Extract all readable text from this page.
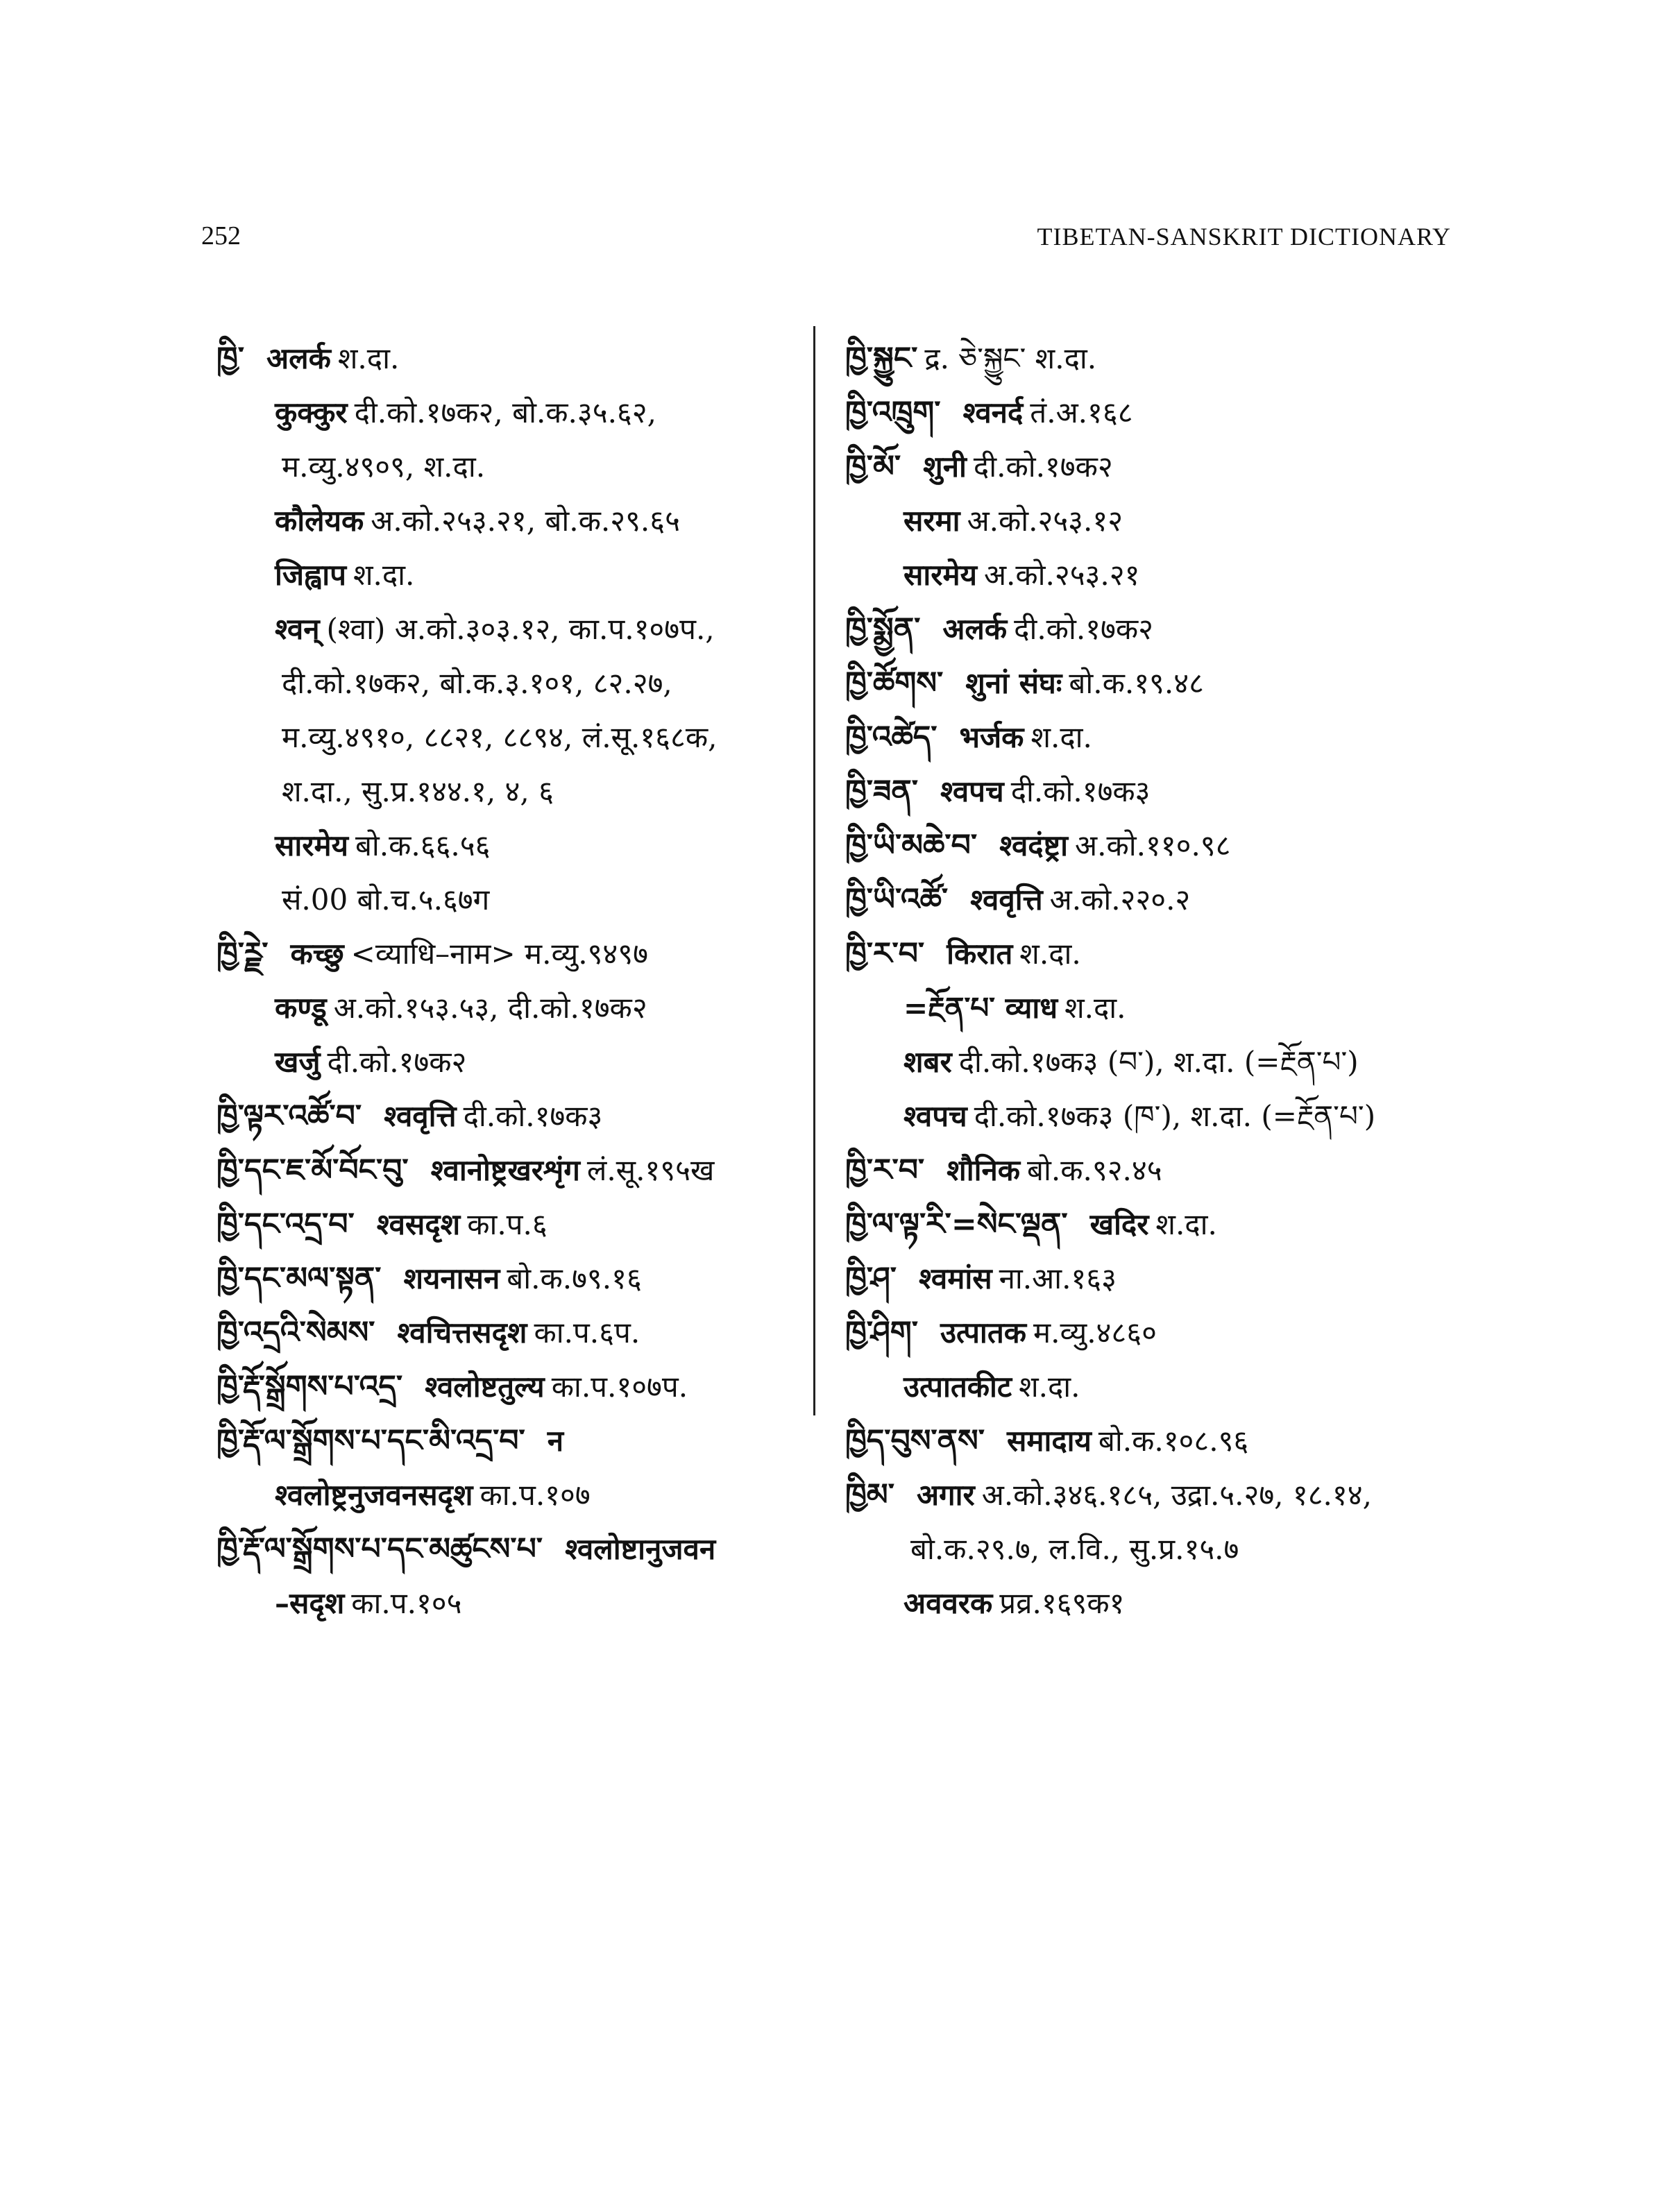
252	TIBETAN-SANSKRIT DICTIONARY
ཁྱི་ अलर्क श.दा.
कुक्कुर दी.को.१७क२, बो.क.३५.६२,
म.व्यु.४९०९, श.दा.
कौलेयक अ.को.२५३.२१, बो.क.२९.६५
जिह्वाप श.दा.
श्वन् (श्वा) अ.को.३०३.१२, का.प.१०७प.,
दी.को.१७क२, बो.क.३.१०१, ८२.२७,
म.व्यु.४९१०, ८८२१, ८८९४, लं.सू.१६८क,
श.दा., सु.प्र.१४४.१, ४, ६
सारमेय बो.क.६६.५६
सं.00 बो.च.५.६७ग
ཁྱི་ཪྗེ་ कच्छु <व्याधि–नाम> म.व्यु.९४९७
कण्डू अ.को.१५३.५३, दी.को.१७क२
खर्जु दी.को.१७क२
ཁྱི་ལྟར་འཚོ་བ་ श्ववृत्ति दी.को.१७क३
ཁྱི་དང་ཇ་མོ་བོང་བུ་ श्वानोष्ट्रखरशृंग लं.सू.१९५ख
ཁྱི་དང་འདྲ་བ་ श्वसदृश का.प.६
ཁྱི་དང་མལ་སྟན་ शयनासन बो.क.७९.१६
ཁྱི་འདྲའི་སེམས་ श्वचित्तसदृश का.प.६प.
ཁྱི་རྡོ་སྒྲོགས་པ་འདྲ་ श्वलोष्टतुल्य का.प.१०७प.
ཁྱི་རྡོ་ལ་སྒྲོགས་པ་དང་མི་འདྲ་བ་ न
श्वलोष्ट्रनुजवनसदृश का.प.१०७
ཁྱི་རྡོ་ལ་སྒྲོགས་པ་དང་མཚུངས་པ་ श्वलोष्टानुजवन
–सदृश का.प.१०५
ཁྱི་སྐྱུང་ द्र. ཅེ་སྐྱུང་ श.दा.
ཁྱི་འཁྲུག་ श्वनर्द तं.अ.१६८
ཁྱི་མོ་ शुनी दी.को.१७क२
सरमा अ.को.२५३.१२
सारमेय अ.को.२५३.२१
ཁྱི་སྨྱོན་ अलर्क दी.को.१७क२
ཁྱི་ཚོགས་ शुनां संघः बो.क.१९.४८
ཁྱི་འཚེད་ भर्जक श.दा.
ཁྱི་ཟན་ श्वपच दी.को.१७क३
ཁྱི་ཡི་མཆེ་བ་ श्वदंष्ट्रा अ.को.११०.९८
ཁྱི་ཡི་འཚོ་ श्ववृत्ति अ.को.२२०.२
ཁྱི་ར་བ་ किरात श.दा.
=རྔོན་པ་ व्याध श.दा.
शबर दी.को.१७क३ (བ་), श.दा. (=རྔོན་པ་)
श्वपच दी.को.१७क३ (ཁ་), श.दा. (=རྔོན་པ་)
ཁྱི་ར་བ་ शौनिक बो.क.९२.४५
ཁྱི་ལ་ལྟ་རི་=སེང་ལྡན་ खदिर श.दा.
ཁྱི་ཤ་ श्वमांस ना.आ.१६३
ཁྱི་ཤིག་ उत्पातक म.व्यु.४८६०
उत्पातकीट श.दा.
ཁྱིད་བུས་ནས་ समादाय बो.क.१०८.९६
ཁྱིམ་ अगार अ.को.३४६.१८५, उद्रा.५.२७, १८.१४,
बो.क.२९.७, ल.वि., सु.प्र.१५.७
अववरक प्रव्र.१६९क१
